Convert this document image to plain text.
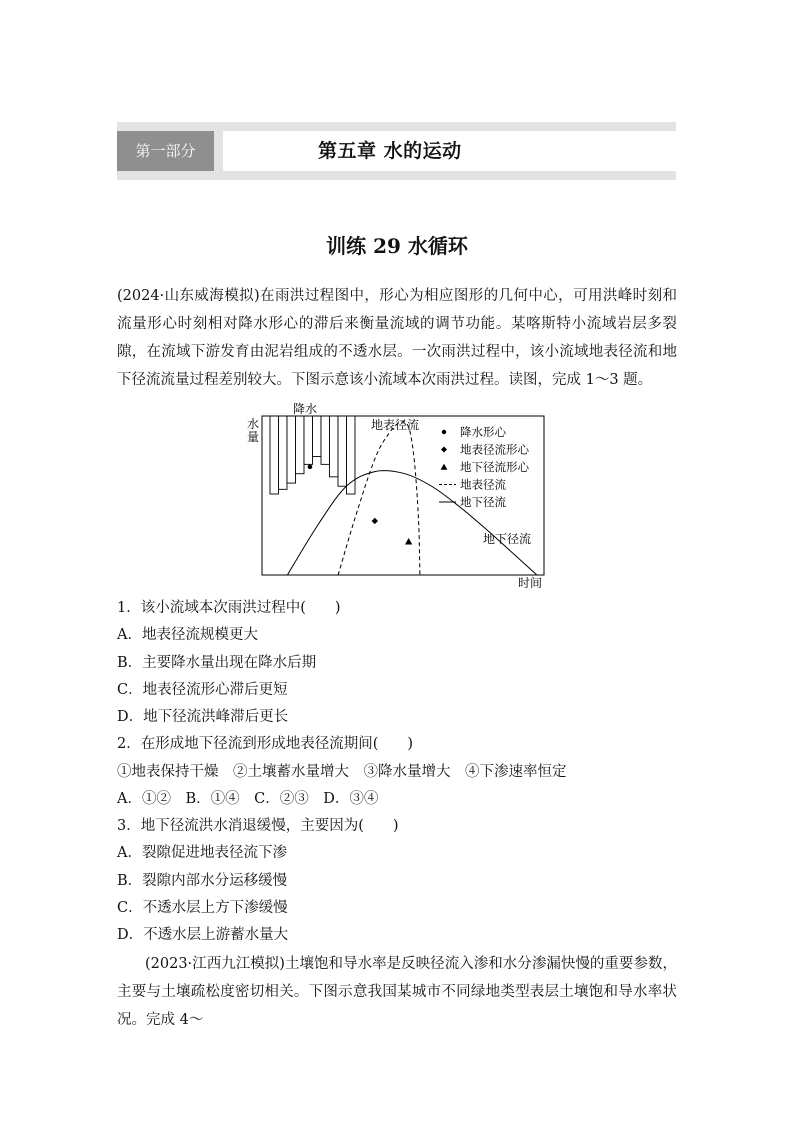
第一部分	第五章 水的运动
训练 29 水循环

(2024·山东威海模拟)在雨洪过程图中，形心为相应图形的几何中心，可用洪峰时刻和流量形心时刻相对降水形心的滞后来衡量流域的调节功能。某喀斯特小流域岩层多裂隙，在流域下游发育由泥岩组成的不透水层。一次雨洪过程中，该小流域地表径流和地下径流流量过程差别较大。下图示意该小流域本次雨洪过程。读图，完成 1～3 题。

水量
降水
时间
地表径流
地下径流
降水形心
地表径流形心
地下径流形心
地表径流
地下径流

1．该小流域本次雨洪过程中(　　)

A．地表径流规模更大

B．主要降水量出现在降水后期

C．地表径流形心滞后更短

D．地下径流洪峰滞后更长

2．在形成地下径流到形成地表径流期间(　　)

①地表保持干燥　②土壤蓄水量增大　③降水量增大　④下渗速率恒定

A．①②　B．①④　C．②③　D．③④

3．地下径流洪水消退缓慢，主要因为(　　)

A．裂隙促进地表径流下渗

B．裂隙内部水分运移缓慢

C．不透水层上方下渗缓慢

D．不透水层上游蓄水量大

(2023·江西九江模拟)土壤饱和导水率是反映径流入渗和水分渗漏快慢的重要参数，主要与土壤疏松度密切相关。下图示意我国某城市不同绿地类型表层土壤饱和导水率状况。完成 4～
